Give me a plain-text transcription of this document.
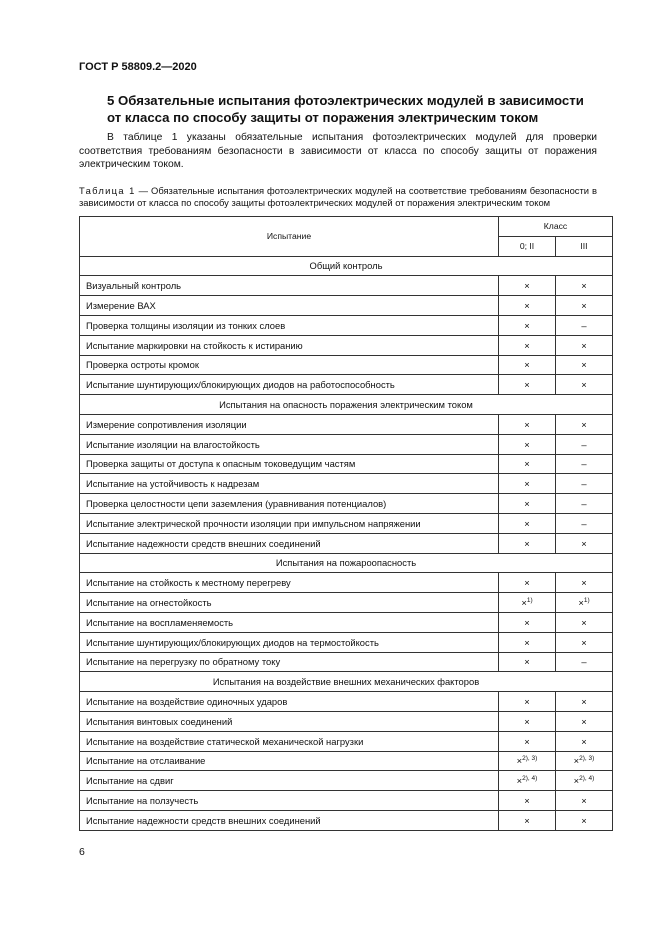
ГОСТ Р 58809.2—2020
5 Обязательные испытания фотоэлектрических модулей в зависимости от класса по способу защиты от поражения электрическим током
В таблице 1 указаны обязательные испытания фотоэлектрических модулей для проверки соответствия требованиям безопасности в зависимости от класса по способу защиты от поражения электрическим током.
Таблица 1 — Обязательные испытания фотоэлектрических модулей на соответствие требованиям безопасности в зависимости от класса по способу защиты фотоэлектрических модулей от поражения электрическим током
Испытание	Класс	
	0; II	III
Общий контроль		
Визуальный контроль	×	×
Измерение ВАХ	×	×
Проверка толщины изоляции из тонких слоев	×	–
Испытание маркировки на стойкость к истиранию	×	×
Проверка остроты кромок	×	×
Испытание шунтирующих/блокирующих диодов на работоспособность	×	×
Испытания на опасность поражения электрическим током		
Измерение сопротивления изоляции	×	×
Испытание изоляции на влагостойкость	×	–
Проверка защиты от доступа к опасным токоведущим частям	×	–
Испытание на устойчивость к надрезам	×	–
Проверка целостности цепи заземления (уравнивания потенциалов)	×	–
Испытание электрической прочности изоляции при импульсном напряжении	×	–
Испытание надежности средств внешних соединений	×	×
Испытания на пожароопасность		
Испытание на стойкость к местному перегреву	×	×
Испытание на огнестойкость	×$^{1)}$	×$^{1)}$
Испытание на воспламеняемость	×	×
Испытание шунтирующих/блокирующих диодов на термостойкость	×	×
Испытание на перегрузку по обратному току	×	–
Испытания на воздействие внешних механических факторов		
Испытание на воздействие одиночных ударов	×	×
Испытания винтовых соединений	×	×
Испытание на воздействие статической механической нагрузки	×	×
Испытание на отслаивание	×$^{2), 3)}$	×$^{2), 3)}$
Испытание на сдвиг	×$^{2), 4)}$	×$^{2), 4)}$
Испытание на ползучесть	×	×
Испытание надежности средств внешних соединений	×	×
6
